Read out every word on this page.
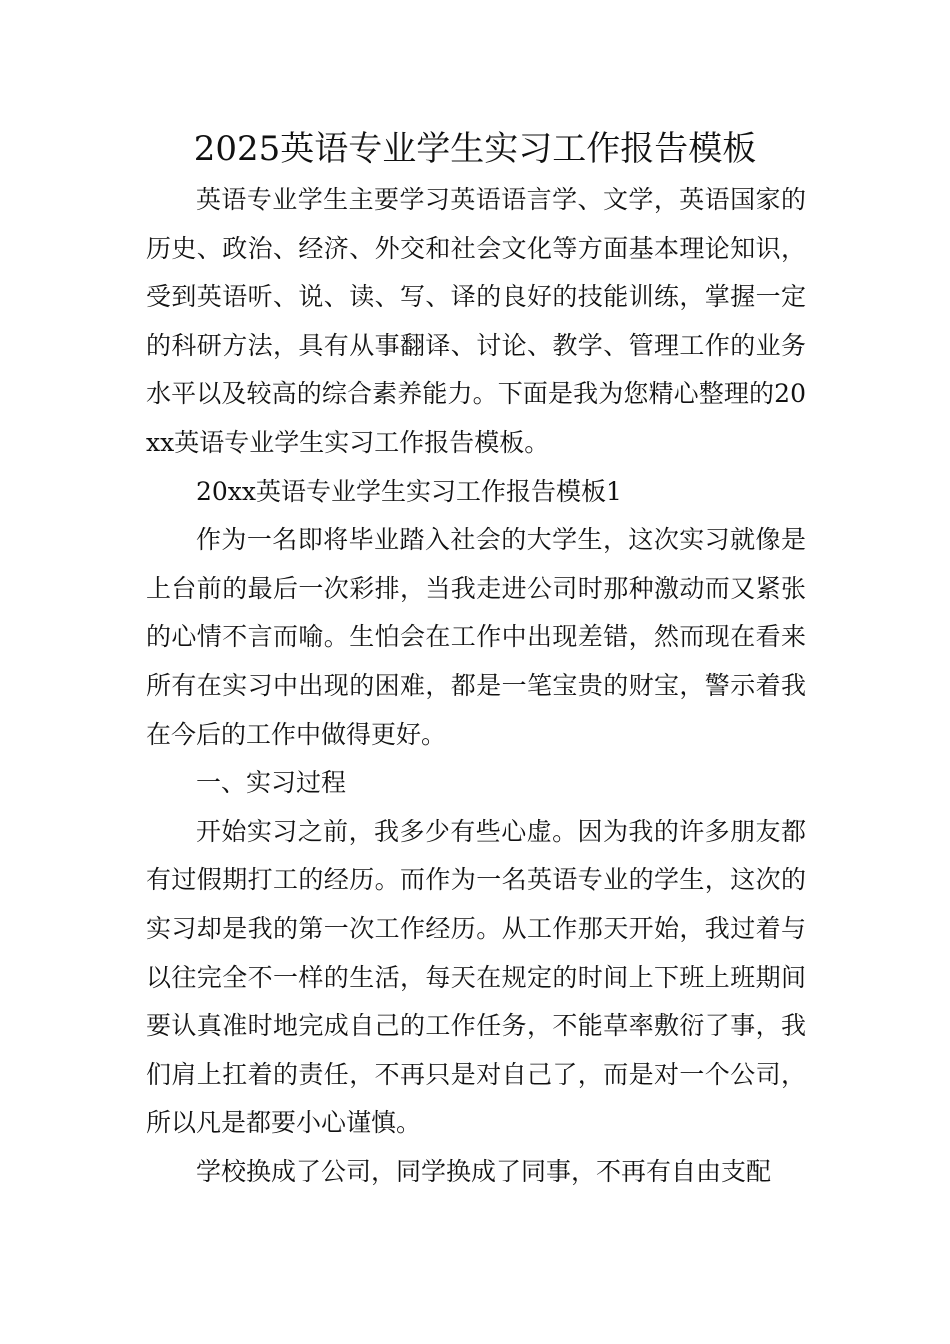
2025英语专业学生实习工作报告模板

英语专业学生主要学习英语语言学、文学，英语国家的历史、政治、经济、外交和社会文化等方面基本理论知识，受到英语听、说、读、写、译的良好的技能训练，掌握一定的科研方法，具有从事翻译、讨论、教学、管理工作的业务水平以及较高的综合素养能力。下面是我为您精心整理的20xx英语专业学生实习工作报告模板。

20xx英语专业学生实习工作报告模板1

作为一名即将毕业踏入社会的大学生，这次实习就像是上台前的最后一次彩排，当我走进公司时那种激动而又紧张的心情不言而喻。生怕会在工作中出现差错，然而现在看来所有在实习中出现的困难，都是一笔宝贵的财宝，警示着我在今后的工作中做得更好。

一、实习过程

开始实习之前，我多少有些心虚。因为我的许多朋友都有过假期打工的经历。而作为一名英语专业的学生，这次的实习却是我的第一次工作经历。从工作那天开始，我过着与以往完全不一样的生活，每天在规定的时间上下班上班期间要认真准时地完成自己的工作任务，不能草率敷衍了事，我们肩上扛着的责任，不再只是对自己了，而是对一个公司，所以凡是都要小心谨慎。

学校换成了公司，同学换成了同事，不再有自由支配
